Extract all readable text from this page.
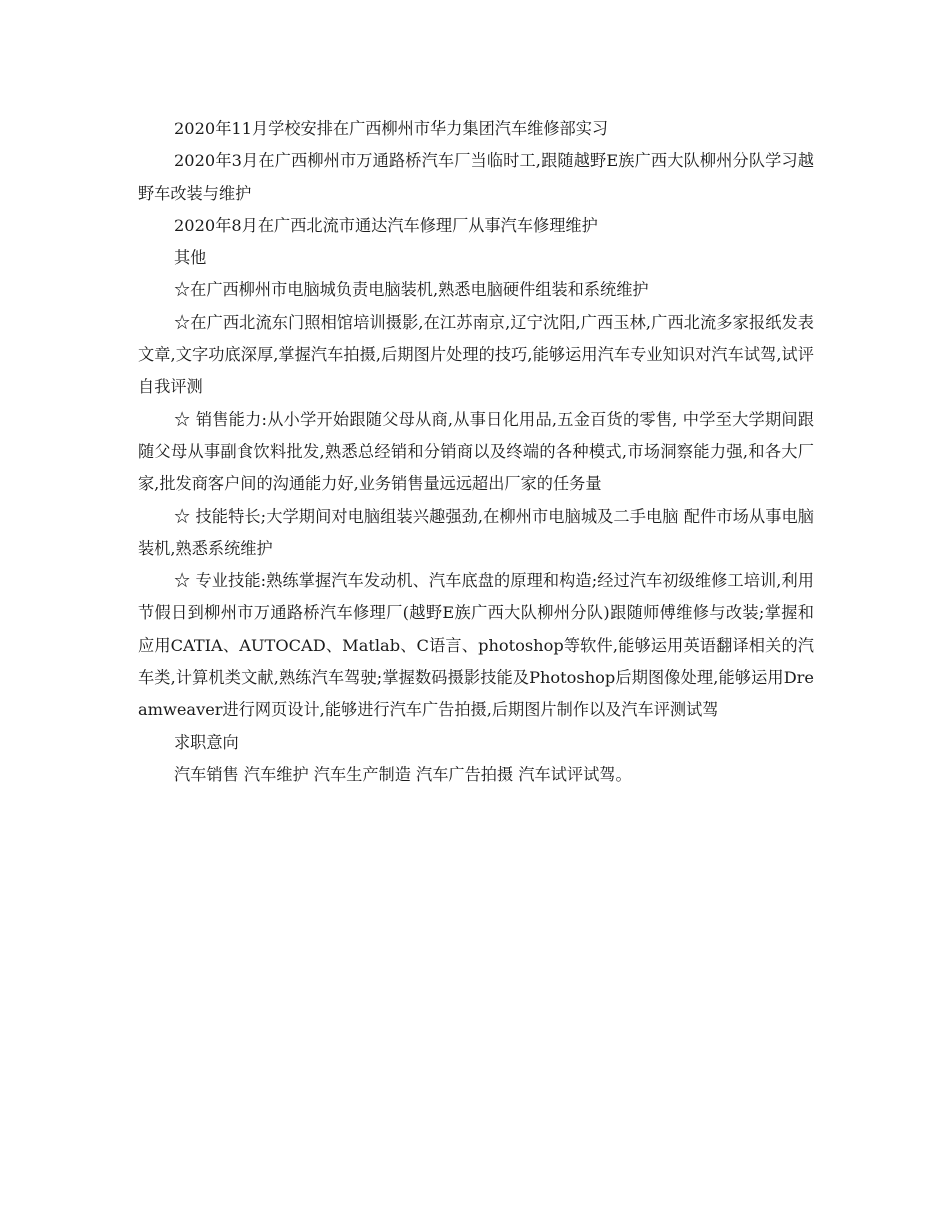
2020年11月学校安排在广西柳州市华力集团汽车维修部实习

2020年3月在广西柳州市万通路桥汽车厂当临时工,跟随越野E族广西大队柳州分队学习越野车改装与维护

2020年8月在广西北流市通达汽车修理厂从事汽车修理维护

其他

☆在广西柳州市电脑城负责电脑装机,熟悉电脑硬件组装和系统维护

☆在广西北流东门照相馆培训摄影,在江苏南京,辽宁沈阳,广西玉林,广西北流多家报纸发表文章,文字功底深厚,掌握汽车拍摄,后期图片处理的技巧,能够运用汽车专业知识对汽车试驾,试评自我评测

☆ 销售能力:从小学开始跟随父母从商,从事日化用品,五金百货的零售, 中学至大学期间跟随父母从事副食饮料批发,熟悉总经销和分销商以及终端的各种模式,市场洞察能力强,和各大厂家,批发商客户间的沟通能力好,业务销售量远远超出厂家的任务量

☆ 技能特长;大学期间对电脑组装兴趣强劲,在柳州市电脑城及二手电脑 配件市场从事电脑装机,熟悉系统维护

☆ 专业技能:熟练掌握汽车发动机、汽车底盘的原理和构造;经过汽车初级维修工培训,利用节假日到柳州市万通路桥汽车修理厂(越野E族广西大队柳州分队)跟随师傅维修与改装;掌握和应用CATIA、AUTOCAD、Matlab、C语言、photoshop等软件,能够运用英语翻译相关的汽车类,计算机类文献,熟练汽车驾驶;掌握数码摄影技能及Photoshop后期图像处理,能够运用Dreamweaver进行网页设计,能够进行汽车广告拍摄,后期图片制作以及汽车评测试驾

求职意向

汽车销售 汽车维护 汽车生产制造 汽车广告拍摄 汽车试评试驾。
